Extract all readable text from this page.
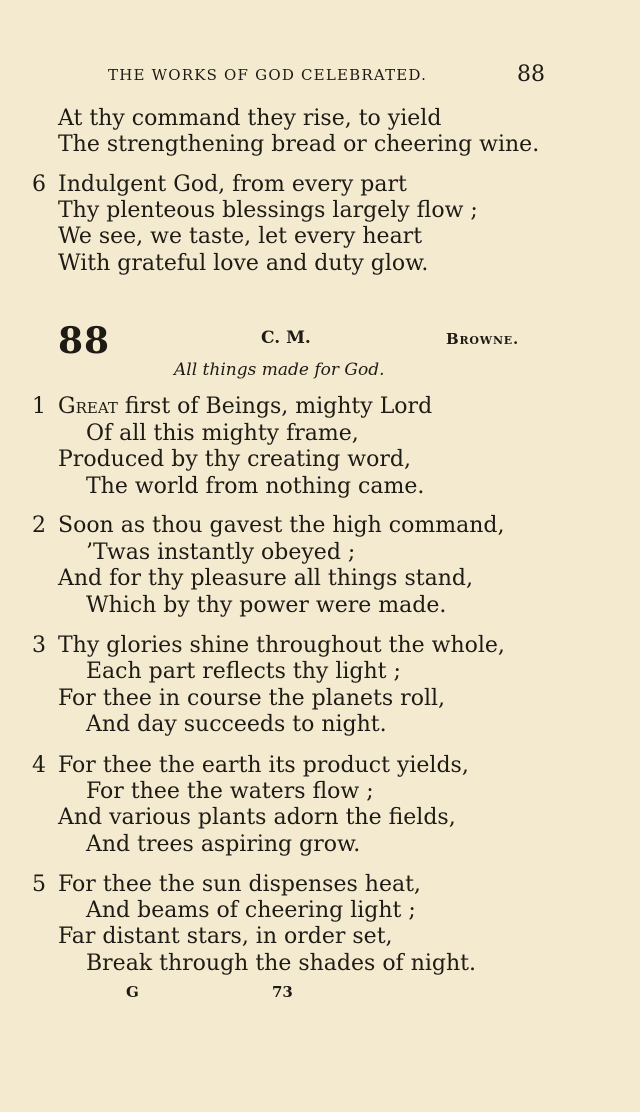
THE WORKS OF GOD CELEBRATED.	88
At thy command they rise, to yield
The strengthening bread or cheering wine.
6 Indulgent God, from every part
Thy plenteous blessings largely flow ;
We see, we taste, let every heart
With grateful love and duty glow.
88	C. M.	Browne.
All things made for God.
1 Great first of Beings, mighty Lord
Of all this mighty frame,
Produced by thy creating word,
The world from nothing came.
2 Soon as thou gavest the high command,
’Twas instantly obeyed ;
And for thy pleasure all things stand,
Which by thy power were made.
3 Thy glories shine throughout the whole,
Each part reflects thy light ;
For thee in course the planets roll,
And day succeeds to night.
4 For thee the earth its product yields,
For thee the waters flow ;
And various plants adorn the fields,
And trees aspiring grow.
5 For thee the sun dispenses heat,
And beams of cheering light ;
Far distant stars, in order set,
Break through the shades of night.
G	73
